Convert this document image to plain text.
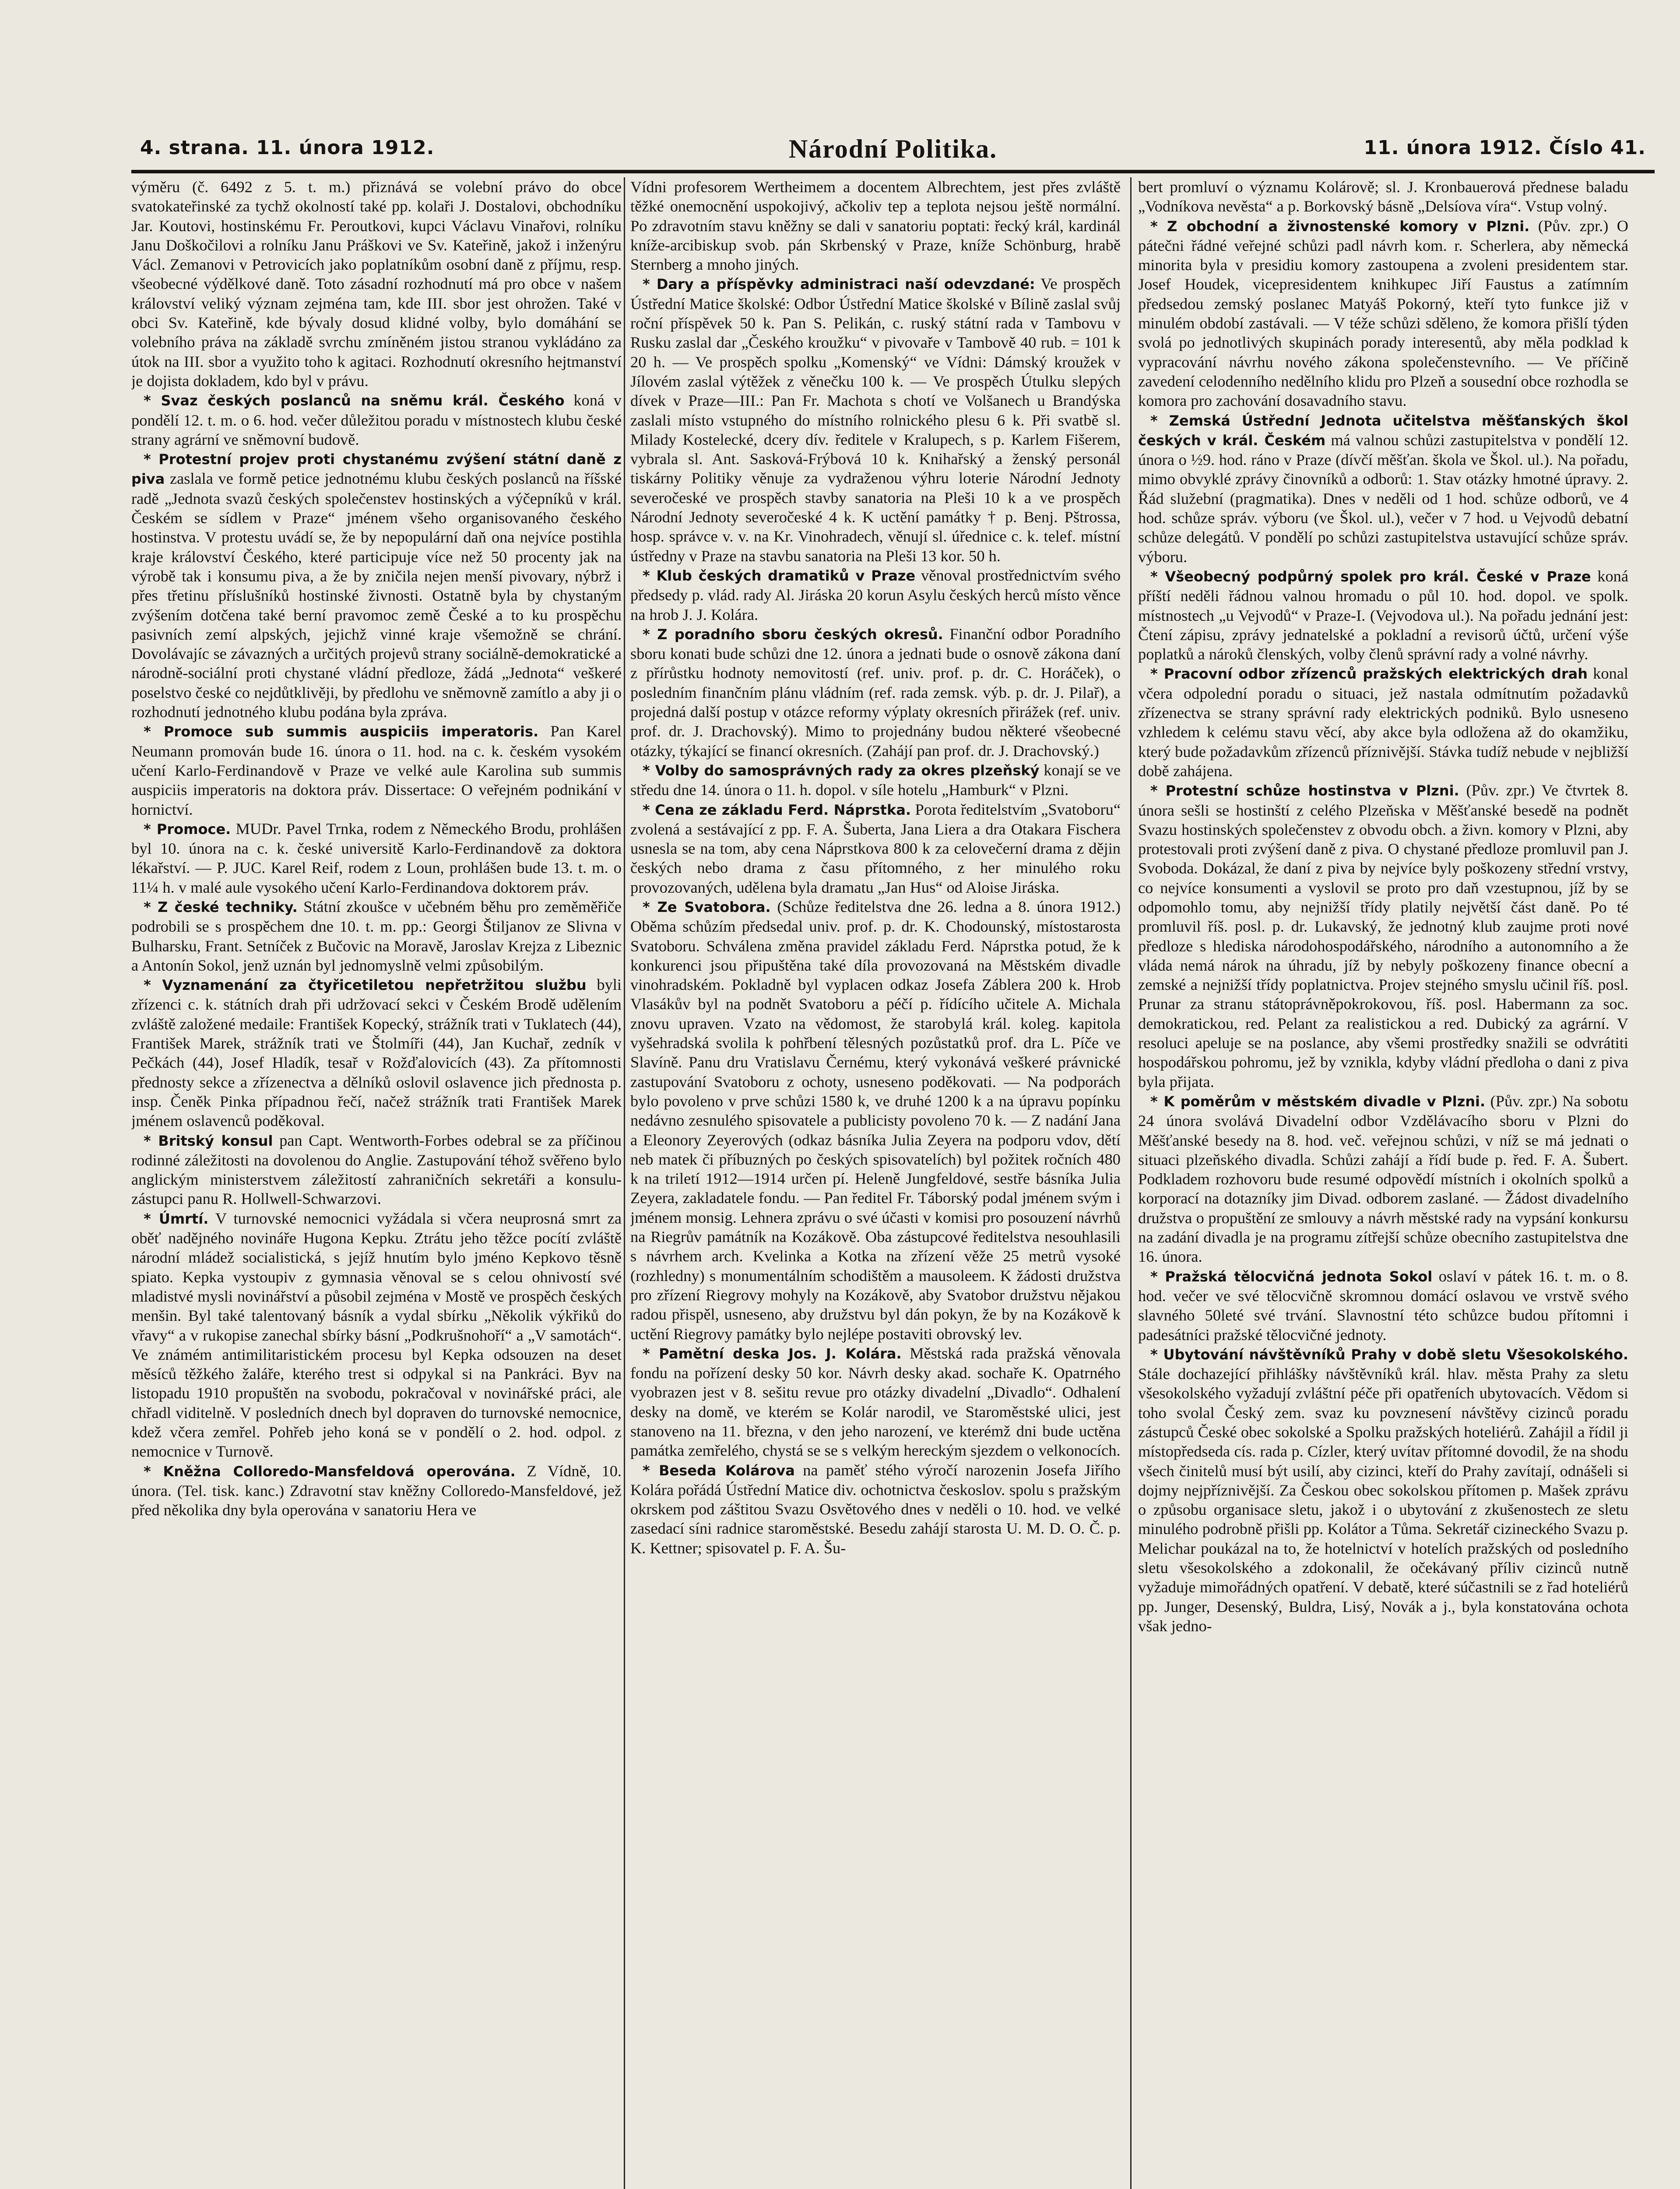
4. strana. 11. února 1912.	Národní Politika.	11. února 1912. Číslo 41.

výměru (č. 6492 z 5. t. m.) přiznává se volební právo do obce svatokateřinské za tychž okolností také pp. kolaři J. Dostalovi, obchodníku Jar. Koutovi, hostinskému Fr. Peroutkovi, kupci Václavu Vinařovi, rolníku Janu Doškočilovi a rolníku Janu Práškovi ve Sv. Kateřině, jakož i inženýru Václ. Zemanovi v Petrovicích jako poplatníkům osobní daně z příjmu, resp. všeobecné výdělkové daně. Toto zásadní rozhodnutí má pro obce v našem království veliký význam zejména tam, kde III. sbor jest ohrožen. Také v obci Sv. Kateřině, kde bývaly dosud klidné volby, bylo domáhání se volebního práva na základě svrchu zmíněném jistou stranou vykládáno za útok na III. sbor a využito toho k agitaci. Rozhodnutí okresního hejtmanství je dojista dokladem, kdo byl v právu.

* Svaz českých poslanců na sněmu král. Českého koná v pondělí 12. t. m. o 6. hod. večer důležitou poradu v místnostech klubu české strany agrární ve sněmovní budově.

* Protestní projev proti chystanému zvýšení státní daně z piva zaslala ve formě petice jednotnému klubu českých poslanců na říšské radě „Jednota svazů českých společenstev hostinských a výčepníků v král. Českém se sídlem v Praze“ jménem všeho organisovaného českého hostinstva. V protestu uvádí se, že by nepopulární daň ona nejvíce postihla kraje království Českého, které participuje více než 50 procenty jak na výrobě tak i konsumu piva, a že by zničila nejen menší pivovary, nýbrž i přes třetinu příslušníků hostinské živnosti. Ostatně byla by chystaným zvýšením dotčena také berní pravomoc země České a to ku prospěchu pasivních zemí alpských, jejichž vinné kraje všemožně se chrání. Dovolávajíc se závazných a určitých projevů strany sociálně-demokratické a národně-sociální proti chystané vládní předloze, žádá „Jednota“ veškeré poselstvo české co nejdůtklivěji, by předlohu ve sněmovně zamítlo a aby ji o rozhodnutí jednotného klubu podána byla zpráva.

* Promoce sub summis auspiciis imperatoris. Pan Karel Neumann promován bude 16. února o 11. hod. na c. k. českém vysokém učení Karlo-Ferdinandově v Praze ve velké aule Karolina sub summis auspiciis imperatoris na doktora práv. Dissertace: O veřejném podnikání v hornictví.

* Promoce. MUDr. Pavel Trnka, rodem z Německého Brodu, prohlášen byl 10. února na c. k. české universitě Karlo-Ferdinandově za doktora lékařství. — P. JUC. Karel Reif, rodem z Loun, prohlášen bude 13. t. m. o 11¼ h. v malé aule vysokého učení Karlo-Ferdinandova doktorem práv.

* Z české techniky. Státní zkoušce v učebném běhu pro zeměměřiče podrobili se s prospěchem dne 10. t. m. pp.: Georgi Štiljanov ze Slivna v Bulharsku, Frant. Setníček z Bučovic na Moravě, Jaroslav Krejza z Libeznic a Antonín Sokol, jenž uznán byl jednomyslně velmi způsobilým.

* Vyznamenání za čtyřicetiletou nepřetržitou službu byli zřízenci c. k. státních drah při udržovací sekci v Českém Brodě udělením zvláště založené medaile: František Kopecký, strážník trati v Tuklatech (44), František Marek, strážník trati ve Štolmíři (44), Jan Kuchař, zedník v Pečkách (44), Josef Hladík, tesař v Rožďalovicích (43). Za přítomnosti přednosty sekce a zřízenectva a dělníků oslovil oslavence jich přednosta p. insp. Čeněk Pinka případnou řečí, načež strážník trati František Marek jménem oslavenců poděkoval.

* Britský konsul pan Capt. Wentworth-Forbes odebral se za příčinou rodinné záležitosti na dovolenou do Anglie. Zastupování téhož svěřeno bylo anglickým ministerstvem záležitostí zahraničních sekretáři a konsulu-zástupci panu R. Hollwell-Schwarzovi.

* Úmrtí. V turnovské nemocnici vyžádala si včera neuprosná smrt za oběť nadějného novináře Hugona Kepku. Ztrátu jeho těžce pocítí zvláště národní mládež socialistická, s jejíž hnutím bylo jméno Kepkovo těsně spiato. Kepka vystoupiv z gymnasia věnoval se s celou ohnivostí své mladistvé mysli novinářství a působil zejména v Mostě ve prospěch českých menšin. Byl také talentovaný básník a vydal sbírku „Několik výkřiků do vřavy“ a v rukopise zanechal sbírky básní „Podkrušnohoří“ a „V samotách“. Ve známém antimilitaristickém procesu byl Kepka odsouzen na deset měsíců těžkého žaláře, kterého trest si odpykal si na Pankráci. Byv na listopadu 1910 propuštěn na svobodu, pokračoval v novinářské práci, ale chřadl viditelně. V posledních dnech byl dopraven do turnovské nemocnice, kdež včera zemřel. Pohřeb jeho koná se v pondělí o 2. hod. odpol. z nemocnice v Turnově.

* Kněžna Colloredo-Mansfeldová operována. Z Vídně, 10. února. (Tel. tisk. kanc.) Zdravotní stav kněžny Colloredo-Mansfeldové, jež před několika dny byla operována v sanatoriu Hera ve

Vídni profesorem Wertheimem a docentem Albrechtem, jest přes zvláště těžké onemocnění uspokojivý, ačkoliv tep a teplota nejsou ještě normální. Po zdravotním stavu kněžny se dali v sanatoriu poptati: řecký král, kardinál kníže-arcibiskup svob. pán Skrbenský v Praze, kníže Schönburg, hrabě Sternberg a mnoho jiných.

* Dary a příspěvky administraci naší odevzdané: Ve prospěch Ústřední Matice školské: Odbor Ústřední Matice školské v Bílině zaslal svůj roční příspěvek 50 k. Pan S. Pelikán, c. ruský státní rada v Tambovu v Rusku zaslal dar „Českého kroužku“ v pivovaře v Tambově 40 rub. = 101 k 20 h. — Ve prospěch spolku „Komenský“ ve Vídni: Dámský kroužek v Jílovém zaslal výtěžek z věnečku 100 k. — Ve prospěch Útulku slepých dívek v Praze—III.: Pan Fr. Machota s chotí ve Volšanech u Brandýska zaslali místo vstupného do místního rolnického plesu 6 k. Při svatbě sl. Milady Kostelecké, dcery dív. ředitele v Kralupech, s p. Karlem Fišerem, vybrala sl. Ant. Sasková-Frýbová 10 k. Knihařský a ženský personál tiskárny Politiky věnuje za vydraženou výhru loterie Národní Jednoty severočeské ve prospěch stavby sanatoria na Pleši 10 k a ve prospěch Národní Jednoty severočeské 4 k. K uctění památky † p. Benj. Pštrossa, hosp. správce v. v. na Kr. Vinohradech, věnují sl. úřednice c. k. telef. místní ústředny v Praze na stavbu sanatoria na Pleši 13 kor. 50 h.

* Klub českých dramatiků v Praze věnoval prostřednictvím svého předsedy p. vlád. rady Al. Jiráska 20 korun Asylu českých herců místo věnce na hrob J. J. Kolára.

* Z poradního sboru českých okresů. Finanční odbor Poradního sboru konati bude schůzi dne 12. února a jednati bude o osnově zákona daní z přírůstku hodnoty nemovitostí (ref. univ. prof. p. dr. C. Horáček), o posledním finančním plánu vládním (ref. rada zemsk. výb. p. dr. J. Pilař), a projedná další postup v otázce reformy výplaty okresních přirážek (ref. univ. prof. dr. J. Drachovský). Mimo to projednány budou některé všeobecné otázky, týkající se financí okresních. (Zahájí pan prof. dr. J. Drachovský.)

* Volby do samosprávných rady za okres plzeňský konají se ve středu dne 14. února o 11. h. dopol. v síle hotelu „Hamburk“ v Plzni.

* Cena ze základu Ferd. Náprstka. Porota ředitelstvím „Svatoboru“ zvolená a sestávající z pp. F. A. Šuberta, Jana Liera a dra Otakara Fischera usnesla se na tom, aby cena Náprstkova 800 k za celovečerní drama z dějin českých nebo drama z času přítomného, z her minulého roku provozovaných, udělena byla dramatu „Jan Hus“ od Aloise Jiráska.

* Ze Svatobora. (Schůze ředitelstva dne 26. ledna a 8. února 1912.) Oběma schůzím předsedal univ. prof. p. dr. K. Chodounský, místostarosta Svatoboru. Schválena změna pravidel základu Ferd. Náprstka potud, že k konkurenci jsou připuštěna také díla provozovaná na Městském divadle vinohradském. Pokladně byl vyplacen odkaz Josefa Záblera 200 k. Hrob Vlasákův byl na podnět Svatoboru a péčí p. řídícího učitele A. Michala znovu upraven. Vzato na vědomost, že starobylá král. koleg. kapitola vyšehradská svolila k pohřbení tělesných pozůstatků prof. dra L. Píče ve Slavíně. Panu dru Vratislavu Černému, který vykonává veškeré právnické zastupování Svatoboru z ochoty, usneseno poděkovati. — Na podporách bylo povoleno v prve schůzi 1580 k, ve druhé 1200 k a na úpravu popínku nedávno zesnulého spisovatele a publicisty povoleno 70 k. — Z nadání Jana a Eleonory Zeyerových (odkaz básníka Julia Zeyera na podporu vdov, dětí neb matek či příbuzných po českých spisovatelích) byl požitek ročních 480 k na triletí 1912—1914 určen pí. Heleně Jungfeldové, sestře básníka Julia Zeyera, zakladatele fondu. — Pan ředitel Fr. Táborský podal jménem svým i jménem monsig. Lehnera zprávu o své účasti v komisi pro posouzení návrhů na Riegrův památník na Kozákově. Oba zástupcové ředitelstva nesouhlasili s návrhem arch. Kvelinka a Kotka na zřízení věže 25 metrů vysoké (rozhledny) s monumentálním schodištěm a mausoleem. K žádosti družstva pro zřízení Riegrovy mohyly na Kozákově, aby Svatobor družstvu nějakou radou přispěl, usneseno, aby družstvu byl dán pokyn, že by na Kozákově k uctění Riegrovy památky bylo nejlépe postaviti obrovský lev.

* Pamětní deska Jos. J. Kolára. Městská rada pražská věnovala fondu na pořízení desky 50 kor. Návrh desky akad. sochaře K. Opatrného vyobrazen jest v 8. sešitu revue pro otázky divadelní „Divadlo“. Odhalení desky na domě, ve kterém se Kolár narodil, ve Staroměstské ulici, jest stanoveno na 11. března, v den jeho narození, ve kterémž dni bude uctěna památka zemřelého, chystá se se s velkým hereckým sjezdem o velkonocích.

* Beseda Kolárova na paměť stého výročí narozenin Josefa Jiřího Kolára pořádá Ústřední Matice div. ochotnictva českoslov. spolu s pražským okrskem pod záštitou Svazu Osvětového dnes v neděli o 10. hod. ve velké zasedací síni radnice staroměstské. Besedu zahájí starosta U. M. D. O. Č. p. K. Kettner; spisovatel p. F. A. Šu-

bert promluví o významu Kolárově; sl. J. Kronbauerová přednese baladu „Vodníkova nevěsta“ a p. Borkovský básně „Delsíova víra“. Vstup volný.

* Z obchodní a živnostenské komory v Plzni. (Pův. zpr.) O pátečni řádné veřejné schůzi padl návrh kom. r. Scherlera, aby německá minorita byla v presidiu komory zastoupena a zvoleni presidentem star. Josef Houdek, vicepresidentem knihkupec Jiří Faustus a zatímním předsedou zemský poslanec Matyáš Pokorný, kteří tyto funkce již v minulém období zastávali. — V téže schůzi sděleno, že komora přišlí týden svolá po jednotlivých skupinách porady interesentů, aby měla podklad k vypracování návrhu nového zákona společenstevního. — Ve příčině zavedení celodenního nedělního klidu pro Plzeň a sousední obce rozhodla se komora pro zachování dosavadního stavu.

* Zemská Ústřední Jednota učitelstva měšťanských škol českých v král. Českém má valnou schůzi zastupitelstva v pondělí 12. února o ½9. hod. ráno v Praze (dívčí měšťan. škola ve Škol. ul.). Na pořadu, mimo obvyklé zprávy činovníků a odborů: 1. Stav otázky hmotné úpravy. 2. Řád služební (pragmatika). Dnes v neděli od 1 hod. schůze odborů, ve 4 hod. schůze správ. výboru (ve Škol. ul.), večer v 7 hod. u Vejvodů debatní schůze delegátů. V pondělí po schůzi zastupitelstva ustavující schůze správ. výboru.

* Všeobecný podpůrný spolek pro král. České v Praze koná příští neděli řádnou valnou hromadu o půl 10. hod. dopol. ve spolk. místnostech „u Vejvodů“ v Praze-I. (Vejvodova ul.). Na pořadu jednání jest: Čtení zápisu, zprávy jednatelské a pokladní a revisorů účtů, určení výše poplatků a nároků členských, volby členů správní rady a volné návrhy.

* Pracovní odbor zřízenců pražských elektrických drah konal včera odpolední poradu o situaci, jež nastala odmítnutím požadavků zřízenectva se strany správní rady elektrických podniků. Bylo usneseno vzhledem k celému stavu věcí, aby akce byla odložena až do okamžiku, který bude požadavkům zřízenců příznivější. Stávka tudíž nebude v nejbližší době zahájena.

* Protestní schůze hostinstva v Plzni. (Pův. zpr.) Ve čtvrtek 8. února sešli se hostinští z celého Plzeňska v Měšťanské besedě na podnět Svazu hostinských společenstev z obvodu obch. a živn. komory v Plzni, aby protestovali proti zvýšení daně z piva. O chystané předloze promluvil pan J. Svoboda. Dokázal, že daní z piva by nejvíce byly poškozeny střední vrstvy, co nejvíce konsumenti a vyslovil se proto pro daň vzestupnou, jíž by se odpomohlo tomu, aby nejnižší třídy platily největší část daně. Po té promluvil říš. posl. p. dr. Lukavský, že jednotný klub zaujme proti nové předloze s hlediska národohospodářského, národního a autonomního a že vláda nemá nárok na úhradu, jíž by nebyly poškozeny finance obecní a zemské a nejnižší třídy poplatnictva. Projev stejného smyslu učinil říš. posl. Prunar za stranu státoprávněpokrokovou, říš. posl. Habermann za soc. demokratickou, red. Pelant za realistickou a red. Dubický za agrární. V resoluci apeluje se na poslance, aby všemi prostředky snažili se odvrátiti hospodářskou pohromu, jež by vznikla, kdyby vládní předloha o dani z piva byla přijata.

* K poměrům v městském divadle v Plzni. (Pův. zpr.) Na sobotu 24 února svolává Divadelní odbor Vzdělávacího sboru v Plzni do Měšťanské besedy na 8. hod. več. veřejnou schůzi, v níž se má jednati o situaci plzeňského divadla. Schůzi zahájí a řídí bude p. řed. F. A. Šubert. Podkladem rozhovoru bude resumé odpovědí místních i okolních spolků a korporací na dotazníky jim Divad. odborem zaslané. — Žádost divadelního družstva o propuštění ze smlouvy a návrh městské rady na vypsání konkursu na zadání divadla je na programu zítřejší schůze obecního zastupitelstva dne 16. února.

* Pražská tělocvičná jednota Sokol oslaví v pátek 16. t. m. o 8. hod. večer ve své tělocvičně skromnou domácí oslavou ve vrstvě svého slavného 50leté své trvání. Slavnostní této schůzce budou přítomni i padesátníci pražské tělocvičné jednoty.

* Ubytování návštěvníků Prahy v době sletu Všesokolského. Stále dochazející přihlášky návštěvníků král. hlav. města Prahy za sletu všesokolského vyžadují zvláštní péče při opatřeních ubytovacích. Vědom si toho svolal Český zem. svaz ku povznesení návštěvy cizinců poradu zástupců České obec sokolské a Spolku pražských hoteliérů. Zahájil a řídil ji místopředseda cís. rada p. Cízler, který uvítav přítomné dovodil, že na shodu všech činitelů musí být usilí, aby cizinci, kteří do Prahy zavítají, odnášeli si dojmy nejpříznivější. Za Českou obec sokolskou přítomen p. Mašek zprávu o způsobu organisace sletu, jakož i o ubytování z zkušenostech ze sletu minulého podrobně přišli pp. Kolátor a Tůma. Sekretář cizineckého Svazu p. Melichar poukázal na to, že hotelnictví v hotelích pražských od posledního sletu všesokolského a zdokonalil, že očekávaný příliv cizinců nutně vyžaduje mimořádných opatření. V debatě, které súčastnili se z řad hoteliérů pp. Junger, Desenský, Buldra, Lisý, Novák a j., byla konstatována ochota však jedno-
